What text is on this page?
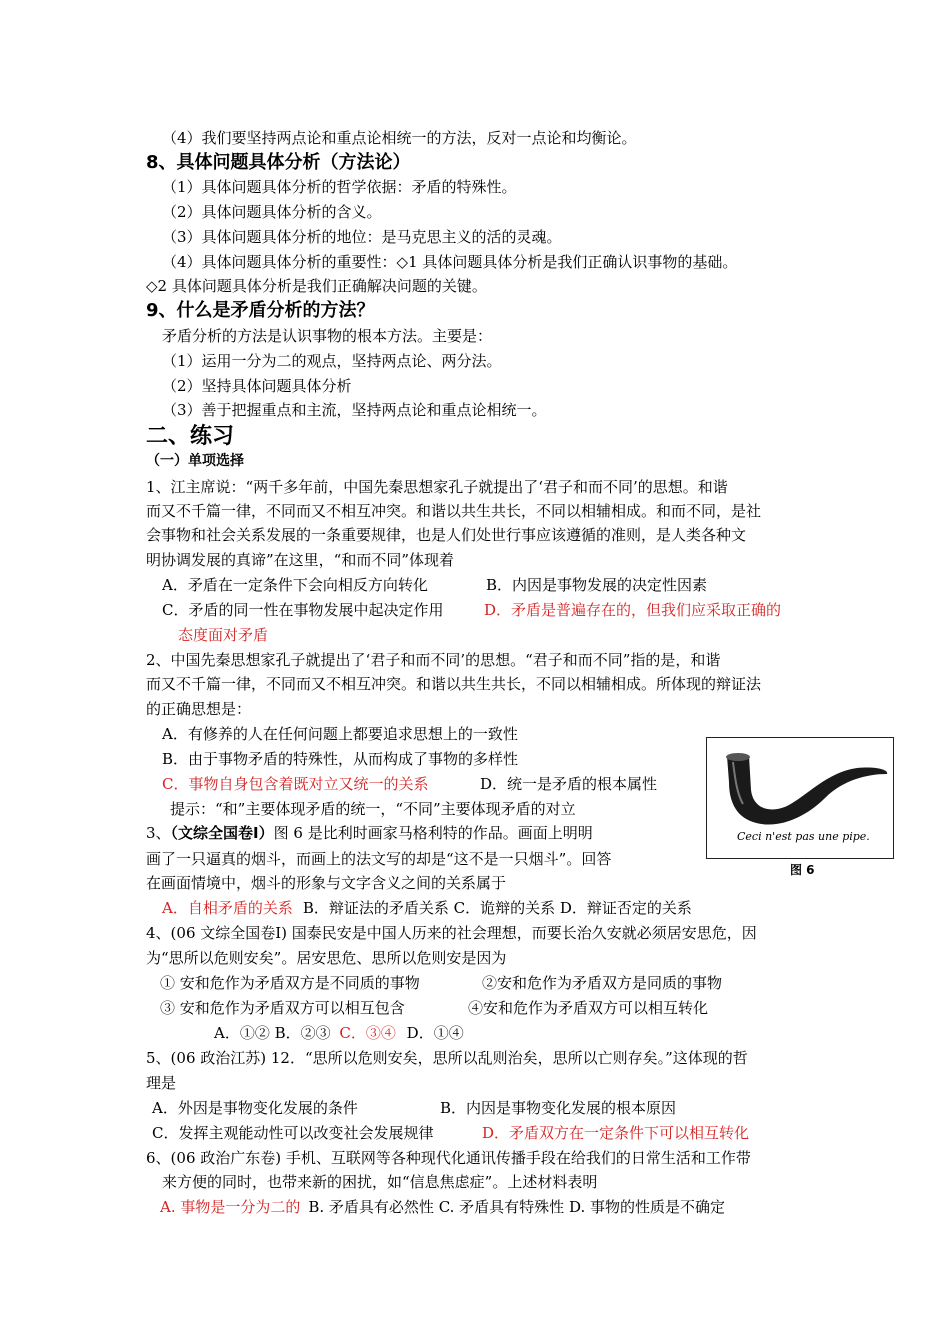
（4）我们要坚持两点论和重点论相统一的方法，反对一点论和均衡论。
8、具体问题具体分析（方法论）
（1）具体问题具体分析的哲学依据：矛盾的特殊性。
（2）具体问题具体分析的含义。
（3）具体问题具体分析的地位：是马克思主义的活的灵魂。
（4）具体问题具体分析的重要性：◇1 具体问题具体分析是我们正确认识事物的基础。
◇2 具体问题具体分析是我们正确解决问题的关键。
9、什么是矛盾分析的方法？
矛盾分析的方法是认识事物的根本方法。主要是：
（1）运用一分为二的观点，坚持两点论、两分法。
（2）坚持具体问题具体分析
（3）善于把握重点和主流，坚持两点论和重点论相统一。
二、练习
（一）单项选择
1、江主席说：“两千多年前，中国先秦思想家孔子就提出了‘君子和而不同’的思想。和谐
而又不千篇一律，不同而又不相互冲突。和谐以共生共长，不同以相辅相成。和而不同，是社
会事物和社会关系发展的一条重要规律，也是人们处世行事应该遵循的准则，是人类各种文
明协调发展的真谛”在这里，“和而不同”体现着
A．矛盾在一定条件下会向相反方向转化	B．内因是事物发展的决定性因素
C．矛盾的同一性在事物发展中起决定作用	D．矛盾是普遍存在的，但我们应采取正确的
态度面对矛盾
2、中国先秦思想家孔子就提出了‘君子和而不同’的思想。“君子和而不同”指的是，和谐
而又不千篇一律，不同而又不相互冲突。和谐以共生共长，不同以相辅相成。所体现的辩证法
的正确思想是：
A．有修养的人在任何问题上都要追求思想上的一致性
B．由于事物矛盾的特殊性，从而构成了事物的多样性
C．事物自身包含着既对立又统一的关系	D．统一是矛盾的根本属性
提示：“和”主要体现矛盾的统一，“不同”主要体现矛盾的对立
3、（文综全国卷Ⅰ）图 6 是比利时画家马格利特的作品。画面上明明
画了一只逼真的烟斗，而画上的法文写的却是“这不是一只烟斗”。回答
在画面情境中，烟斗的形象与文字含义之间的关系属于
A．自相矛盾的关系 B．辩证法的矛盾关系 C．诡辩的关系 D．辩证否定的关系
Ceci n'est pas une pipe.
图 6
4、(06 文综全国卷Ⅰ) 国泰民安是中国人历来的社会理想，而要长治久安就必须居安思危，因
为“思所以危则安矣”。居安思危、思所以危则安是因为
① 安和危作为矛盾双方是不同质的事物	②安和危作为矛盾双方是同质的事物
③ 安和危作为矛盾双方可以相互包含	④安和危作为矛盾双方可以相互转化
A．①② B．②③ C．③④ D．①④
5、(06 政治江苏) 12．“思所以危则安矣，思所以乱则治矣，思所以亡则存矣。”这体现的哲
理是
A．外因是事物变化发展的条件	B．内因是事物变化发展的根本原因
C．发挥主观能动性可以改变社会发展规律	D．矛盾双方在一定条件下可以相互转化
6、(06 政治广东卷) 手机、互联网等各种现代化通讯传播手段在给我们的日常生活和工作带
来方便的同时，也带来新的困扰，如“信息焦虑症”。上述材料表明
A. 事物是一分为二的 B. 矛盾具有必然性 C. 矛盾具有特殊性 D. 事物的性质是不确定
